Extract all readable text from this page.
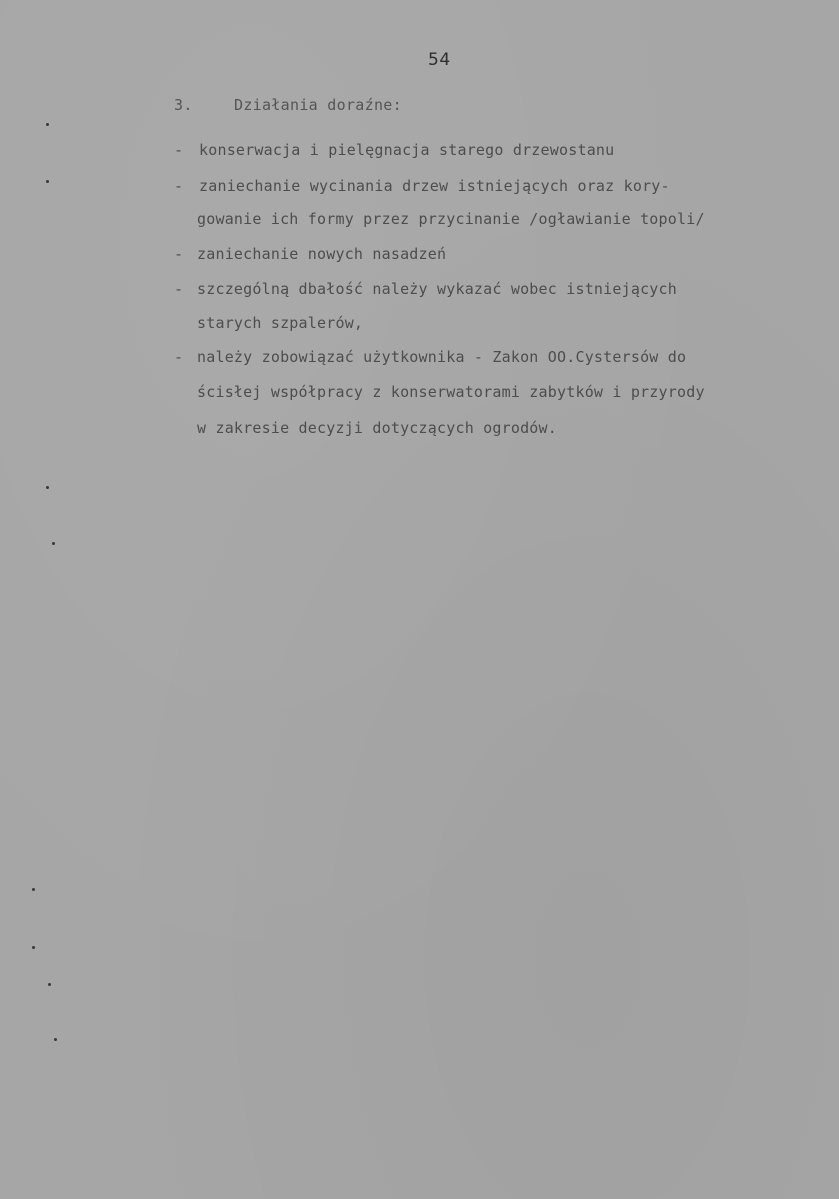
54
3.	Działania doraźne:
- konserwacja i pielęgnacja starego drzewostanu
- zaniechanie wycinania drzew istniejących oraz kory-
gowanie ich formy przez przycinanie /ogławianie topoli/
- zaniechanie nowych nasadzeń
- szczególną dbałość należy wykazać wobec istniejących
starych szpalerów,
- należy zobowiązać użytkownika - Zakon OO.Cystersów do
ścisłej współpracy z konserwatorami zabytków i przyrody
w zakresie decyzji dotyczących ogrodów.
